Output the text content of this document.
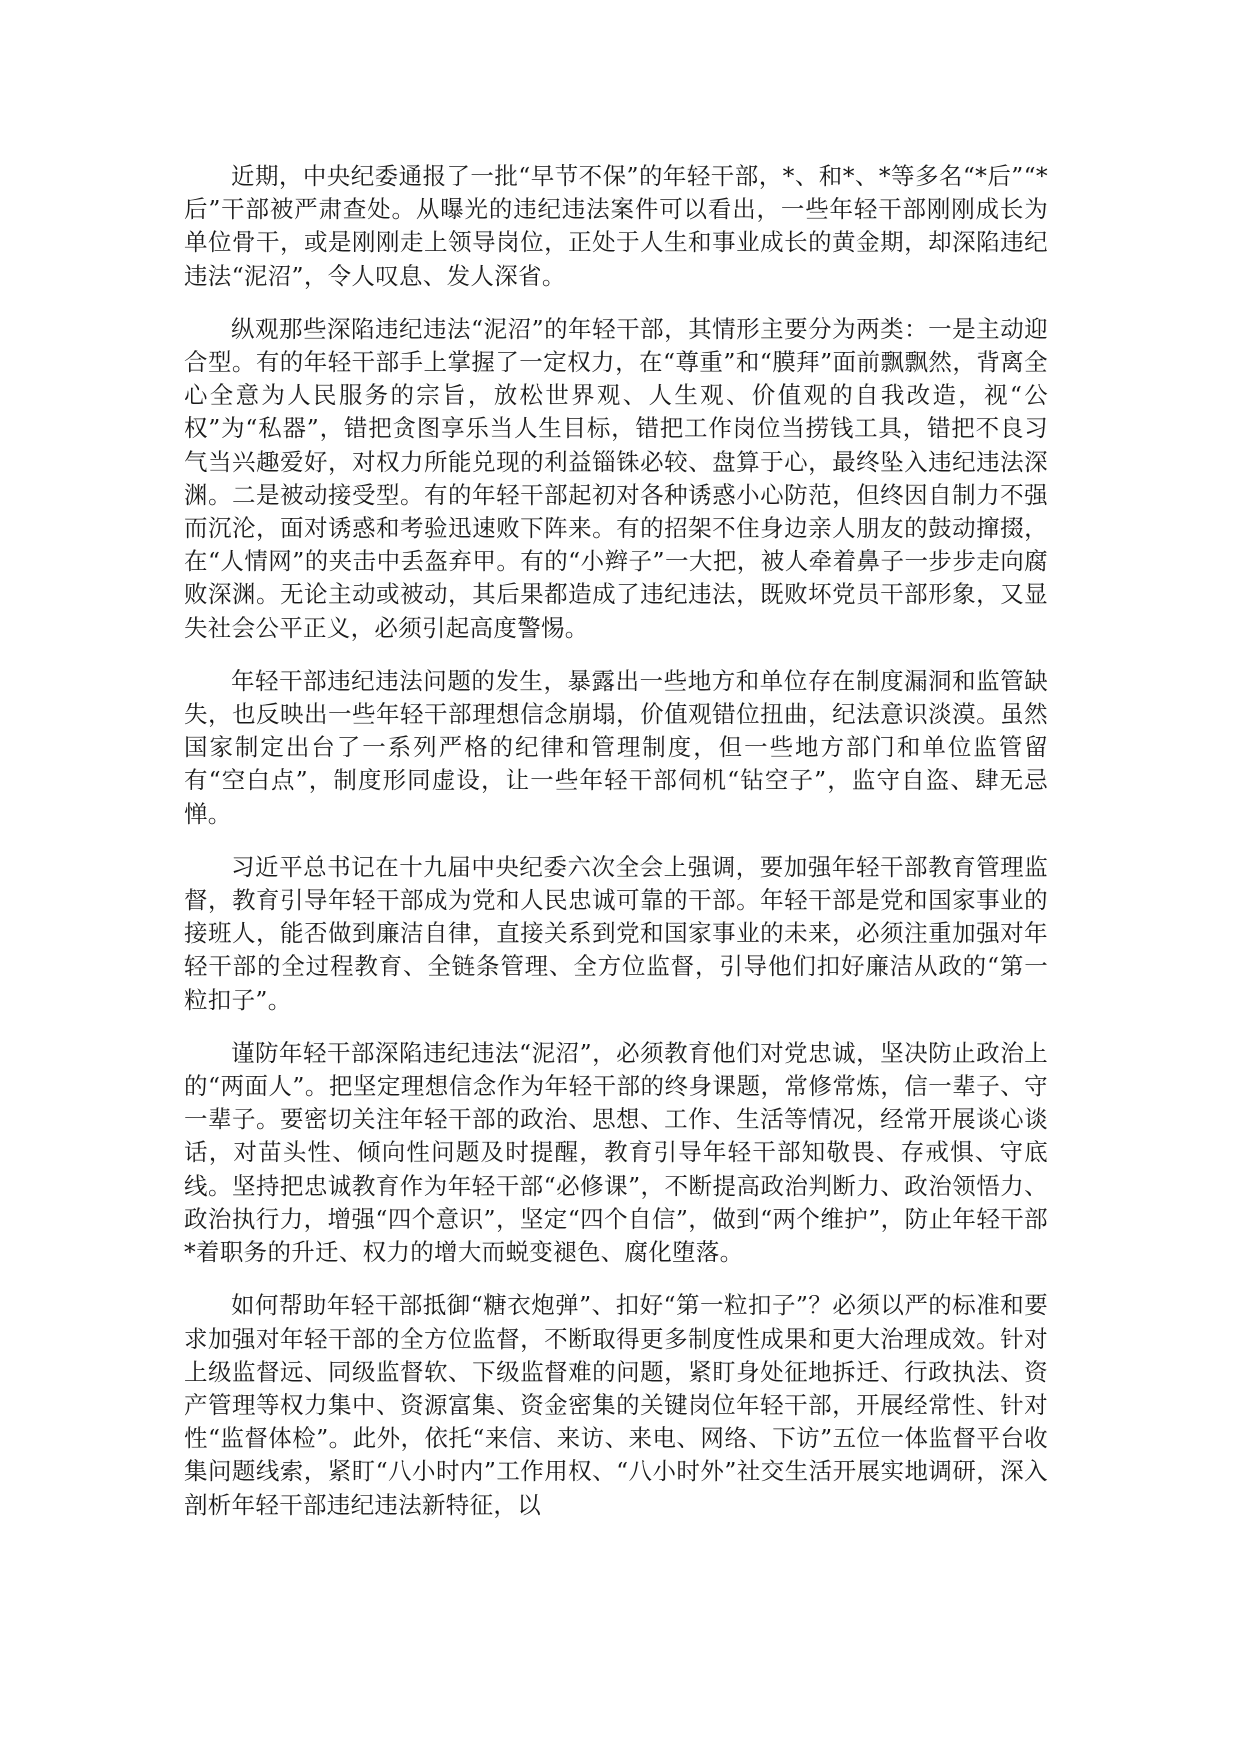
近期，中央纪委通报了一批“早节不保”的年轻干部，*、和*、*等多名“*后”“*后”干部被严肃查处。从曝光的违纪违法案件可以看出，一些年轻干部刚刚成长为单位骨干，或是刚刚走上领导岗位，正处于人生和事业成长的黄金期，却深陷违纪违法“泥沼”，令人叹息、发人深省。

纵观那些深陷违纪违法“泥沼”的年轻干部，其情形主要分为两类：一是主动迎合型。有的年轻干部手上掌握了一定权力，在“尊重”和“膜拜”面前飘飘然，背离全心全意为人民服务的宗旨，放松世界观、人生观、价值观的自我改造，视“公权”为“私器”，错把贪图享乐当人生目标，错把工作岗位当捞钱工具，错把不良习气当兴趣爱好，对权力所能兑现的利益锱铢必较、盘算于心，最终坠入违纪违法深渊。二是被动接受型。有的年轻干部起初对各种诱惑小心防范，但终因自制力不强而沉沦，面对诱惑和考验迅速败下阵来。有的招架不住身边亲人朋友的鼓动撺掇，在“人情网”的夹击中丢盔弃甲。有的“小辫子”一大把，被人牵着鼻子一步步走向腐败深渊。无论主动或被动，其后果都造成了违纪违法，既败坏党员干部形象，又显失社会公平正义，必须引起高度警惕。

年轻干部违纪违法问题的发生，暴露出一些地方和单位存在制度漏洞和监管缺失，也反映出一些年轻干部理想信念崩塌，价值观错位扭曲，纪法意识淡漠。虽然国家制定出台了一系列严格的纪律和管理制度，但一些地方部门和单位监管留有“空白点”，制度形同虚设，让一些年轻干部伺机“钻空子”，监守自盗、肆无忌惮。

习近平总书记在十九届中央纪委六次全会上强调，要加强年轻干部教育管理监督，教育引导年轻干部成为党和人民忠诚可靠的干部。年轻干部是党和国家事业的接班人，能否做到廉洁自律，直接关系到党和国家事业的未来，必须注重加强对年轻干部的全过程教育、全链条管理、全方位监督，引导他们扣好廉洁从政的“第一粒扣子”。

谨防年轻干部深陷违纪违法“泥沼”，必须教育他们对党忠诚，坚决防止政治上的“两面人”。把坚定理想信念作为年轻干部的终身课题，常修常炼，信一辈子、守一辈子。要密切关注年轻干部的政治、思想、工作、生活等情况，经常开展谈心谈话，对苗头性、倾向性问题及时提醒，教育引导年轻干部知敬畏、存戒惧、守底线。坚持把忠诚教育作为年轻干部“必修课”，不断提高政治判断力、政治领悟力、政治执行力，增强“四个意识”，坚定“四个自信”，做到“两个维护”，防止年轻干部*着职务的升迁、权力的增大而蜕变褪色、腐化堕落。

如何帮助年轻干部抵御“糖衣炮弹”、扣好“第一粒扣子”？必须以严的标准和要求加强对年轻干部的全方位监督，不断取得更多制度性成果和更大治理成效。针对上级监督远、同级监督软、下级监督难的问题，紧盯身处征地拆迁、行政执法、资产管理等权力集中、资源富集、资金密集的关键岗位年轻干部，开展经常性、针对性“监督体检”。此外，依托“来信、来访、来电、网络、下访”五位一体监督平台收集问题线索，紧盯“八小时内”工作用权、“八小时外”社交生活开展实地调研，深入剖析年轻干部违纪违法新特征，以
